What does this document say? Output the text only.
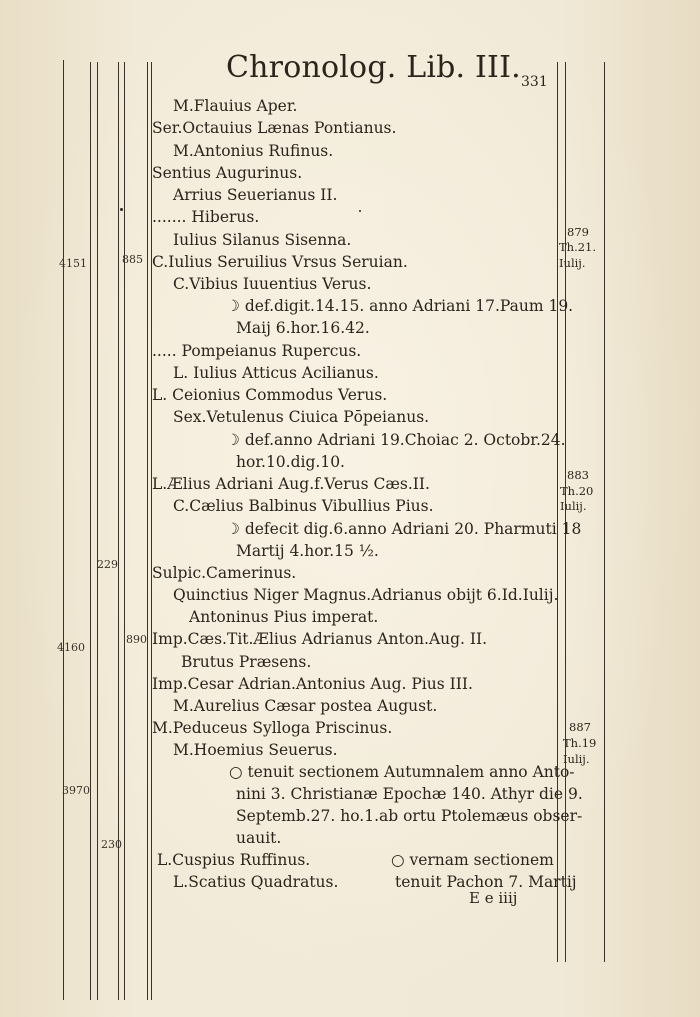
Chronolog. Lib. III. 331
M.Flauius Aper.
Ser.Octauius Lænas Pontianus.
M.Antonius Rufinus.
Sentius Augurinus.
Arrius Seuerianus II.
....... Hiberus.
Iulius Silanus Sisenna.
C.Iulius Seruilius Vrsus Seruian.
C.Vibius Iuuentius Verus.
☽ def.digit.14.15. anno Adriani 17.Paum 19.
Maij 6.hor.16.42.
..... Pompeianus Rupercus.
L. Iulius Atticus Acilianus.
L. Ceionius Commodus Verus.
Sex.Vetulenus Ciuica Pōpeianus.
☽ def.anno Adriani 19.Choiac 2. Octobr.24.
hor.10.dig.10.
L.Ælius Adriani Aug.f.Verus Cæs.II.
C.Cælius Balbinus Vibullius Pius.
☽ defecit dig.6.anno Adriani 20. Pharmuti 18
Martij 4.hor.15 ½.
Sulpic.Camerinus.
Quinctius Niger Magnus.Adrianus obijt 6.Id.Iulij.
Antoninus Pius imperat.
Imp.Cæs.Tit.Ælius Adrianus Anton.Aug. II.
Brutus Præsens.
Imp.Cesar Adrian.Antonius Aug. Pius III.
M.Aurelius Cæsar postea August.
M.Peduceus Sylloga Priscinus.
M.Hoemius Seuerus.
○ tenuit sectionem Autumnalem anno Anto-
nini 3. Christianæ Epochæ 140. Athyr die 9.
Septemb.27. ho.1.ab ortu Ptolemæus obser-
uauit.
L.Cuspius Ruffinus.
L.Scatius Quadratus.
○ vernam sectionem
tenuit Pachon 7. Martij
E e iiij
4151	885
229
4160
890
3970
230
879
Th.21.
Iulij.
883
Th.20
Iulij.
887
Th.19
Iulij.
